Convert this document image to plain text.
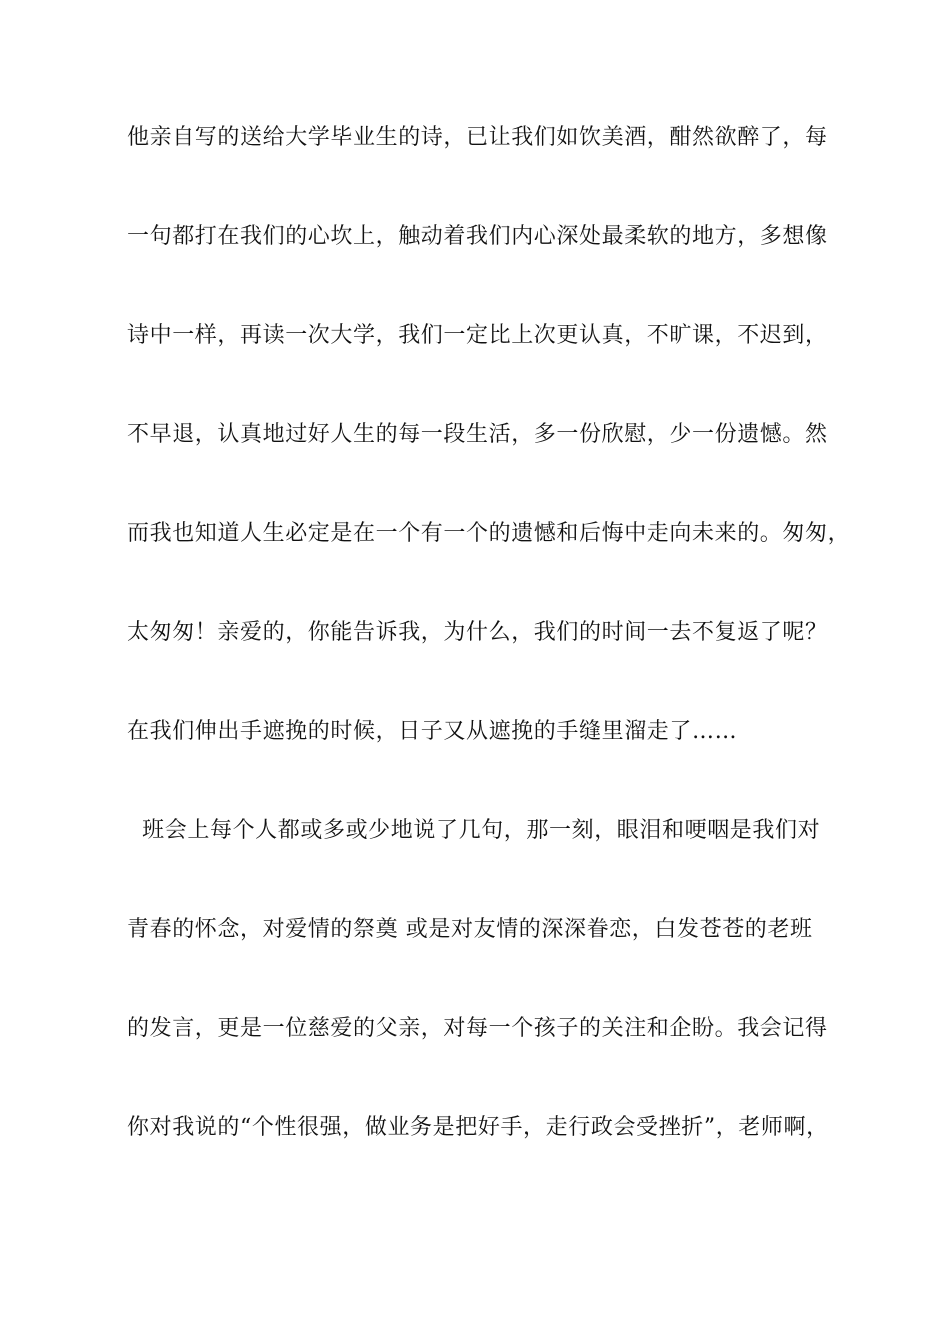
他亲自写的送给大学毕业生的诗，已让我们如饮美酒，酣然欲醉了，每
一句都打在我们的心坎上，触动着我们内心深处最柔软的地方，多想像
诗中一样，再读一次大学，我们一定比上次更认真，不旷课，不迟到，
不早退，认真地过好人生的每一段生活，多一份欣慰，少一份遗憾。然
而我也知道人生必定是在一个有一个的遗憾和后悔中走向未来的。匆匆，
太匆匆！亲爱的，你能告诉我，为什么，我们的时间一去不复返了呢？
在我们伸出手遮挽的时候，日子又从遮挽的手缝里溜走了……
班会上每个人都或多或少地说了几句，那一刻，眼泪和哽咽是我们对
青春的怀念，对爱情的祭奠 或是对友情的深深眷恋，白发苍苍的老班
的发言，更是一位慈爱的父亲，对每一个孩子的关注和企盼。我会记得
你对我说的“个性很强，做业务是把好手，走行政会受挫折”，老师啊，
